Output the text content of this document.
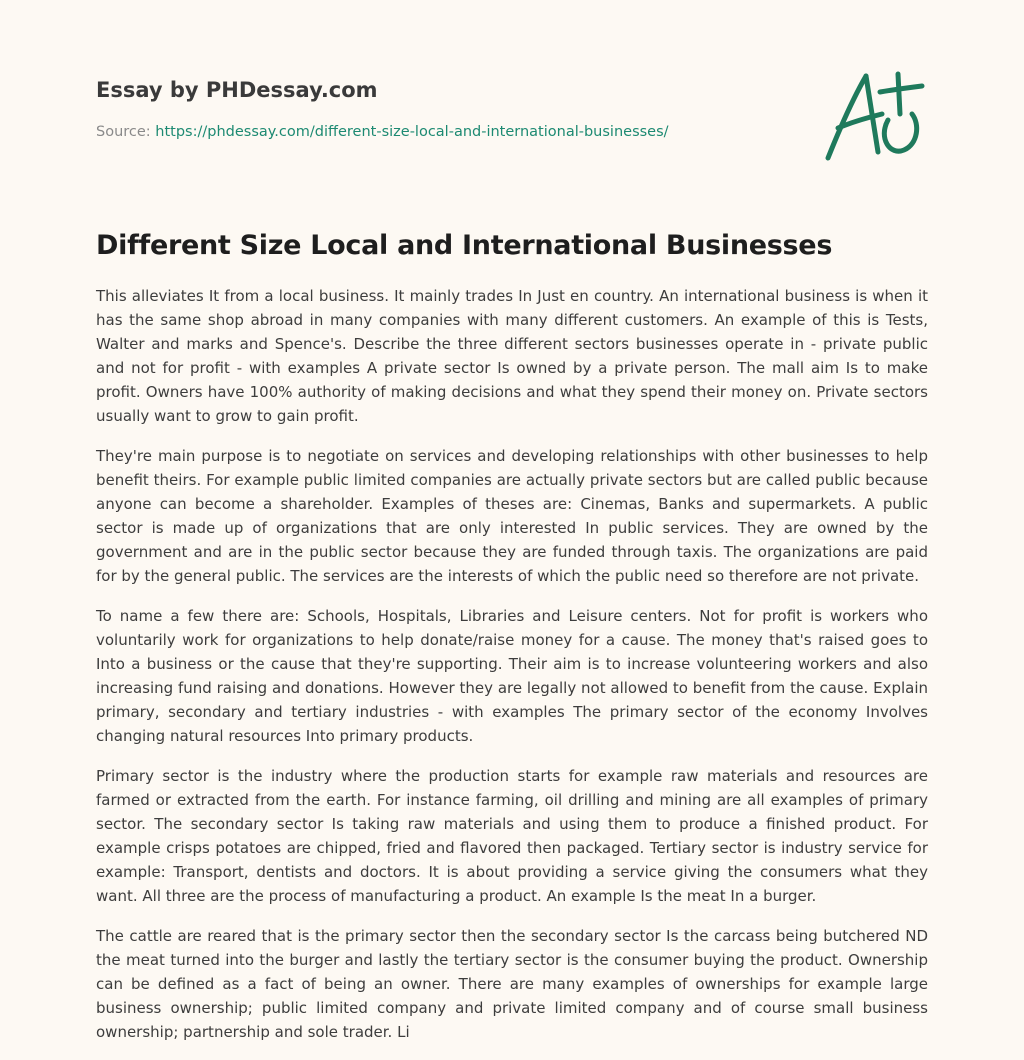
Essay by PHDessay.com
Source: https://phdessay.com/different-size-local-and-international-businesses/
Different Size Local and International Businesses

This alleviates It from a local business. It mainly trades In Just en country. An international business is when it has the same shop abroad in many companies with many different customers. An example of this is Tests, Walter and marks and Spence's. Describe the three different sectors businesses operate in - private public and not for profit - with examples A private sector Is owned by a private person. The mall aim Is to make profit. Owners have 100% authority of making decisions and what they spend their money on. Private sectors usually want to grow to gain profit.

They're main purpose is to negotiate on services and developing relationships with other businesses to help benefit theirs. For example public limited companies are actually private sectors but are called public because anyone can become a shareholder. Examples of theses are: Cinemas, Banks and supermarkets. A public sector is made up of organizations that are only interested In public services. They are owned by the government and are in the public sector because they are funded through taxis. The organizations are paid for by the general public. The services are the interests of which the public need so therefore are not private.

To name a few there are: Schools, Hospitals, Libraries and Leisure centers. Not for profit is workers who voluntarily work for organizations to help donate/raise money for a cause. The money that's raised goes to Into a business or the cause that they're supporting. Their aim is to increase volunteering workers and also increasing fund raising and donations. However they are legally not allowed to benefit from the cause. Explain primary, secondary and tertiary industries - with examples The primary sector of the economy Involves changing natural resources Into primary products.

Primary sector is the industry where the production starts for example raw materials and resources are farmed or extracted from the earth. For instance farming, oil drilling and mining are all examples of primary sector. The secondary sector Is taking raw materials and using them to produce a finished product. For example crisps potatoes are chipped, fried and flavored then packaged. Tertiary sector is industry service for example: Transport, dentists and doctors. It is about providing a service giving the consumers what they want. All three are the process of manufacturing a product. An example Is the meat In a burger.

The cattle are reared that is the primary sector then the secondary sector Is the carcass being butchered ND the meat turned into the burger and lastly the tertiary sector is the consumer buying the product. Ownership can be defined as a fact of being an owner. There are many examples of ownerships for example large business ownership; public limited company and private limited company and of course small business ownership; partnership and sole trader. Li
